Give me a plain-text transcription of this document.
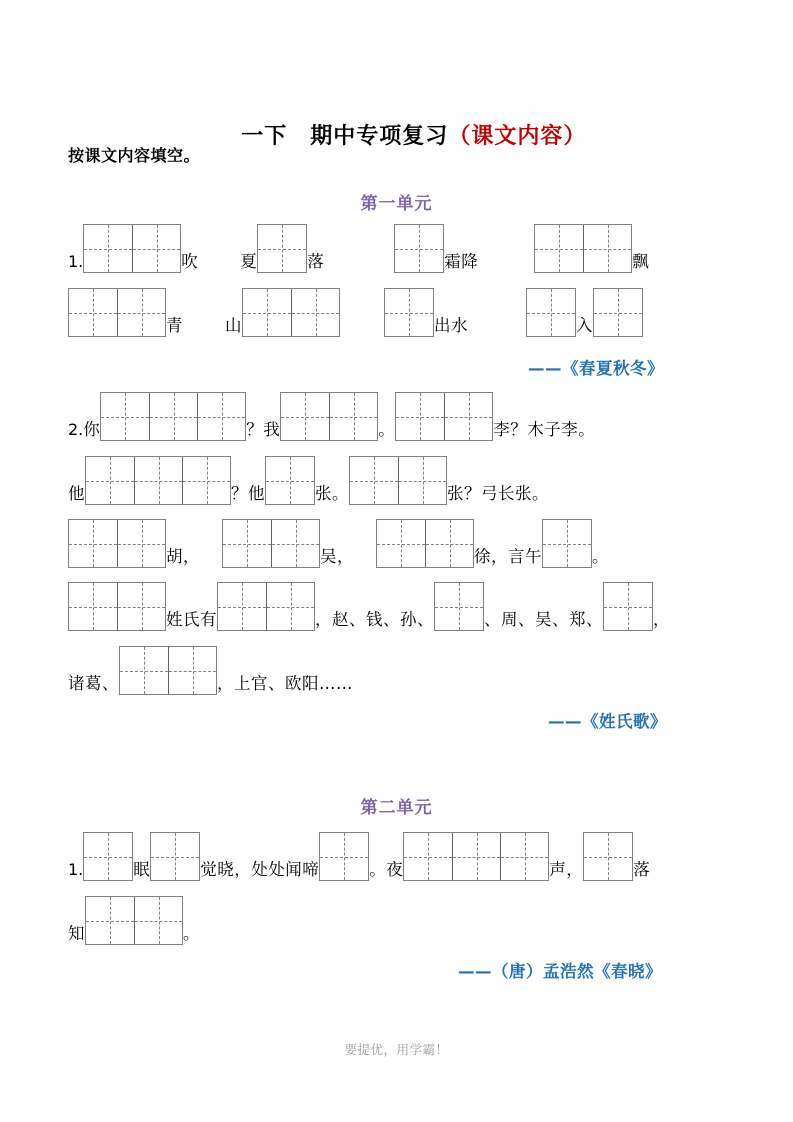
一下　期中专项复习（课文内容）

按课文内容填空。
第一单元
1.	吹	夏	落	霜降	飘
青	山	出水	入
2.你	？我	。	李？木子李。
他	？他	张。	张？弓长张。
胡，	吴，	徐，言午	。
姓氏有	，赵、钱、孙、	、周、吴、郑、	，
诸葛、	，上官、欧阳……
第二单元
1.	眠	觉晓，处处闻啼	。夜	声，	落
知	。
——《春夏秋冬》
——《姓氏歌》
——（唐）孟浩然《春晓》
要提优，用学霸！
